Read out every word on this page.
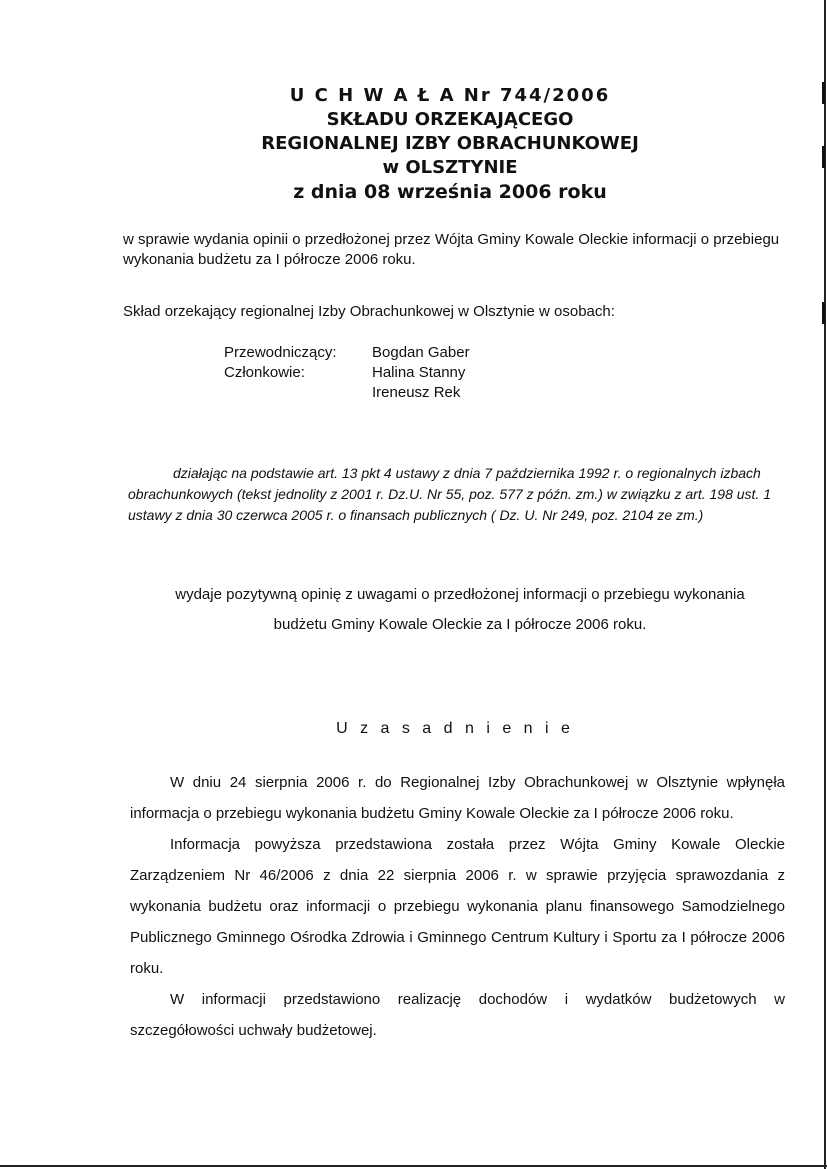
U C H W A Ł A Nr 744/2006
SKŁADU ORZEKAJĄCEGO
REGIONALNEJ IZBY OBRACHUNKOWEJ
w OLSZTYNIE
z dnia 08 września 2006 roku
w sprawie wydania opinii o przedłożonej przez Wójta Gminy Kowale Oleckie informacji o przebiegu wykonania budżetu za I półrocze 2006 roku.
Skład orzekający regionalnej Izby Obrachunkowej w Olsztynie w osobach:
Przewodniczący: Bogdan Gaber
Członkowie:	Halina Stanny
Ireneusz Rek
działając na podstawie art. 13 pkt 4 ustawy z dnia 7 października 1992 r. o regionalnych izbach obrachunkowych (tekst jednolity z 2001 r. Dz.U. Nr 55, poz. 577 z późn. zm.) w związku z art. 198 ust. 1 ustawy z dnia 30 czerwca 2005 r. o finansach publicznych ( Dz. U. Nr 249, poz. 2104 ze zm.)
wydaje pozytywną opinię z uwagami o przedłożonej informacji o przebiegu wykonania
budżetu Gminy Kowale Oleckie za I półrocze 2006 roku.
U z a s a d n i e n i e

W dniu 24 sierpnia 2006 r. do Regionalnej Izby Obrachunkowej w Olsztynie wpłynęła informacja o przebiegu wykonania budżetu Gminy Kowale Oleckie za I półrocze 2006 roku.

Informacja powyższa przedstawiona została przez Wójta Gminy Kowale Oleckie Zarządzeniem Nr 46/2006 z dnia 22 sierpnia 2006 r. w sprawie przyjęcia sprawozdania z wykonania budżetu oraz informacji o przebiegu wykonania planu finansowego Samodzielnego Publicznego Gminnego Ośrodka Zdrowia i Gminnego Centrum Kultury i Sportu za I półrocze 2006 roku.

W informacji przedstawiono realizację dochodów i wydatków budżetowych w szczegółowości uchwały budżetowej.
